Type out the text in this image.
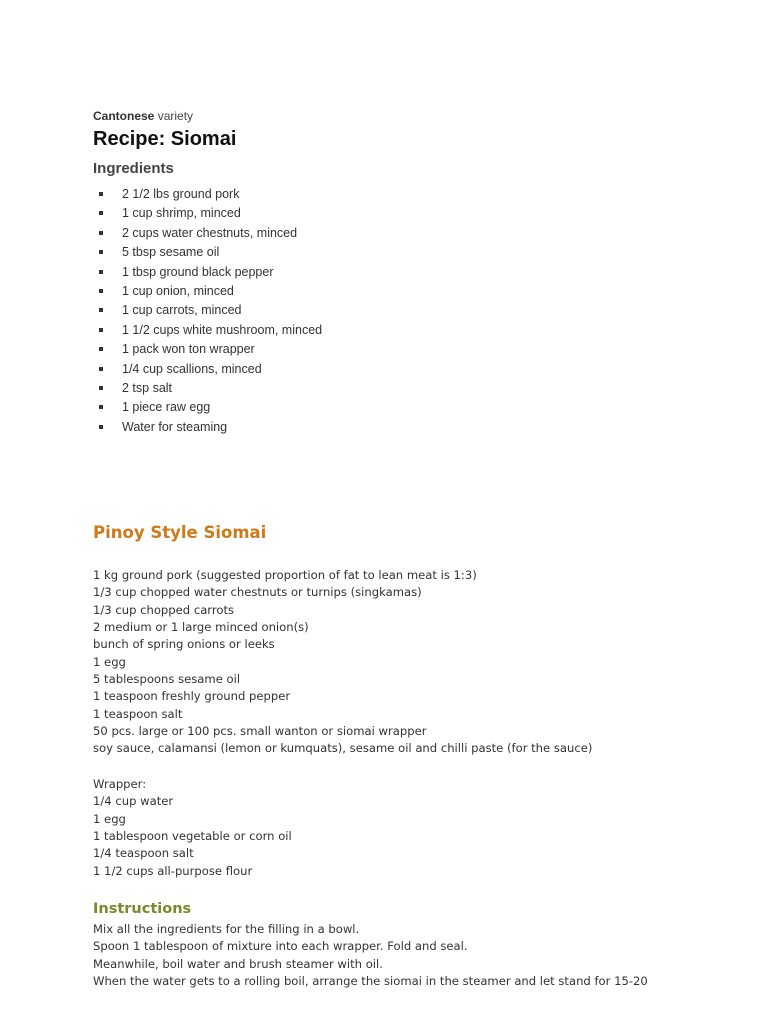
Cantonese variety
Recipe: Siomai
Ingredients
2 1/2 lbs ground pork
1 cup shrimp, minced
2 cups water chestnuts, minced
5 tbsp sesame oil
1 tbsp ground black pepper
1 cup onion, minced
1 cup carrots, minced
1 1/2 cups white mushroom, minced
1 pack won ton wrapper
1/4 cup scallions, minced
2 tsp salt
1 piece raw egg
Water for steaming
Pinoy Style Siomai
1 kg ground pork (suggested proportion of fat to lean meat is 1:3)
1/3 cup chopped water chestnuts or turnips (singkamas)
1/3 cup chopped carrots
2 medium or 1 large minced onion(s)
bunch of spring onions or leeks
1 egg
5 tablespoons sesame oil
1 teaspoon freshly ground pepper
1 teaspoon salt
50 pcs. large or 100 pcs. small wanton or siomai wrapper
soy sauce, calamansi (lemon or kumquats), sesame oil and chilli paste (for the sauce)
Wrapper:
1/4 cup water
1 egg
1 tablespoon vegetable or corn oil
1/4 teaspoon salt
1 1/2 cups all-purpose flour
Instructions
Mix all the ingredients for the filling in a bowl.
Spoon 1 tablespoon of mixture into each wrapper. Fold and seal.
Meanwhile, boil water and brush steamer with oil.
When the water gets to a rolling boil, arrange the siomai in the steamer and let stand for 15-20
